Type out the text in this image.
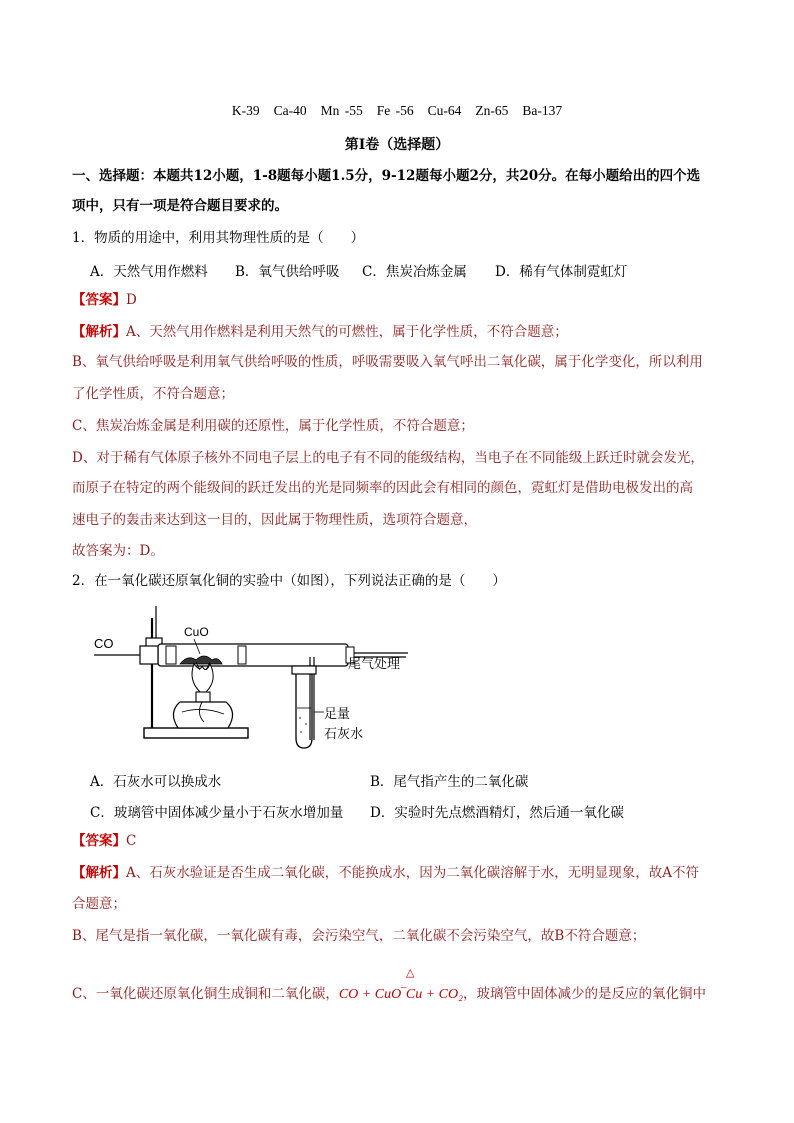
K-39 Ca-40 Mn -55 Fe -56 Cu-64 Zn-65 Ba-137
第Ⅰ卷（选择题）
一、选择题：本题共12小题，1-8题每小题1.5分，9-12题每小题2分，共20分。在每小题给出的四个选
项中，只有一项是符合题目要求的。
1．物质的用途中，利用其物理性质的是（　　）
A．天然气用作燃料 B．氧气供给呼吸 C．焦炭冶炼金属 D．稀有气体制霓虹灯
【答案】D
【解析】A、天然气用作燃料是利用天然气的可燃性，属于化学性质，不符合题意；
B、氧气供给呼吸是利用氧气供给呼吸的性质，呼吸需要吸入氧气呼出二氧化碳，属于化学变化，所以利用
了化学性质，不符合题意；
C、焦炭冶炼金属是利用碳的还原性，属于化学性质，不符合题意；
D、对于稀有气体原子核外不同电子层上的电子有不同的能级结构，当电子在不同能级上跃迁时就会发光，
而原子在特定的两个能级间的跃迁发出的光是同频率的因此会有相同的颜色，霓虹灯是借助电极发出的高
速电子的轰击来达到这一目的，因此属于物理性质，选项符合题意，
故答案为：D。
2．在一氧化碳还原氧化铜的实验中（如图），下列说法正确的是（　　）
CO
CuO
尾气处理
足量
石灰水
A．石灰水可以换成水	B．尾气指产生的二氧化碳
C．玻璃管中固体减少量小于石灰水增加量 D．实验时先点燃酒精灯，然后通一氧化碳
【答案】C
【解析】A、石灰水验证是否生成二氧化碳，不能换成水，因为二氧化碳溶解于水，无明显现象，故A不符
合题意；
B、尾气是指一氧化碳，一氧化碳有毒，会污染空气，二氧化碳不会污染空气，故B不符合题意；
△
C、一氧化碳还原氧化铜生成铜和二氧化碳，CO + CuO‾Cu + CO₂，玻璃管中固体减少的是反应的氧化铜中
